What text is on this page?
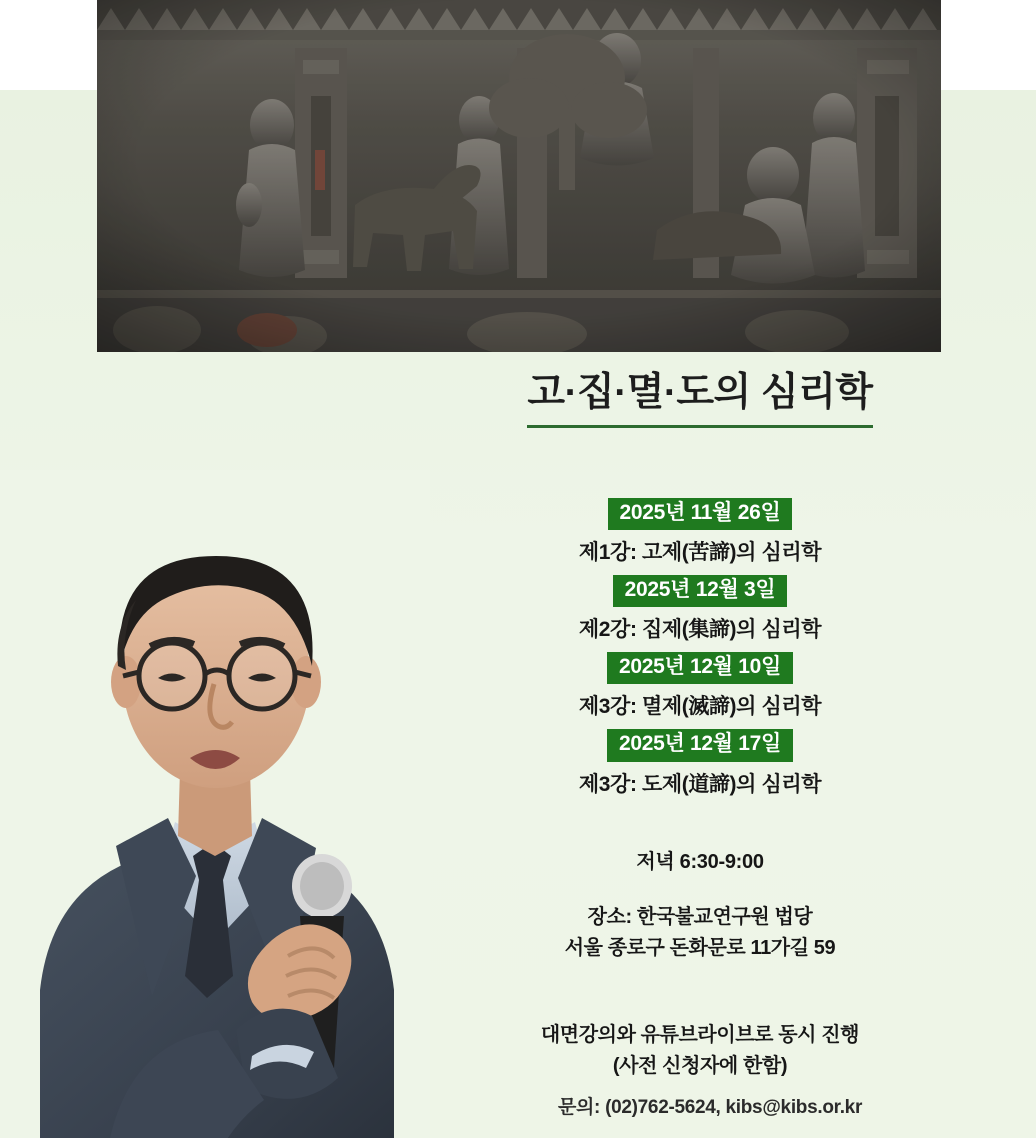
고·집·멸·도의 심리학
2025년 11월 26일
제1강: 고제(苦諦)의 심리학
2025년 12월 3일
제2강: 집제(集諦)의 심리학
2025년 12월 10일
제3강: 멸제(滅諦)의 심리학
2025년 12월 17일
제3강: 도제(道諦)의 심리학
저녁 6:30-9:00
장소: 한국불교연구원 법당
서울 종로구 돈화문로 11가길 59
대면강의와 유튜브라이브로 동시 진행
(사전 신청자에 한함)
문의: (02)762-5624, kibs@kibs.or.kr
